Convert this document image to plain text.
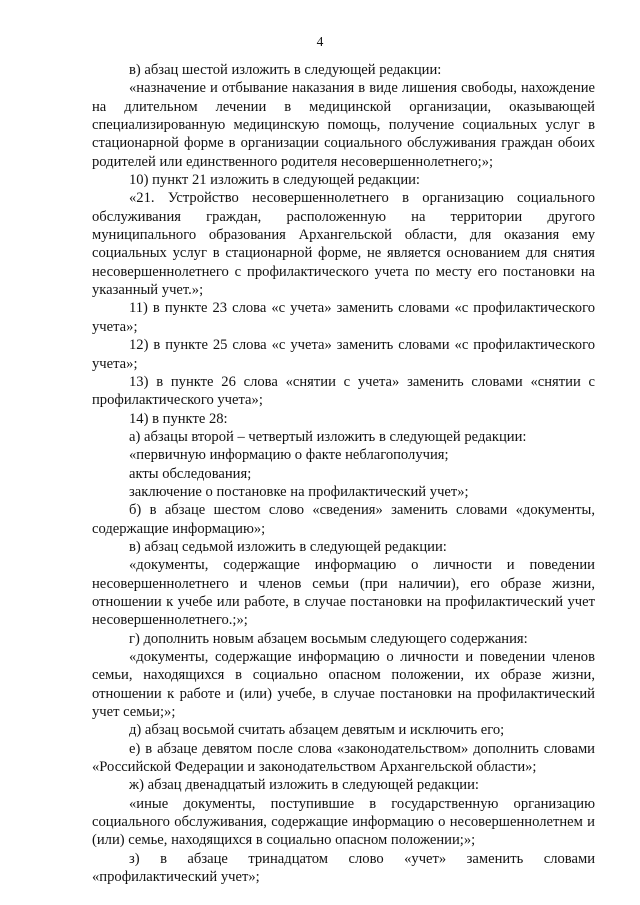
4

в) абзац шестой изложить в следующей редакции:

«назначение и отбывание наказания в виде лишения свободы, нахождение на длительном лечении в медицинской организации, оказывающей специализированную медицинскую помощь, получение социальных услуг в стационарной форме в организации социального обслуживания граждан обоих родителей или единственного родителя несовершеннолетнего;»;

10) пункт 21 изложить в следующей редакции:

«21. Устройство несовершеннолетнего в организацию социального обслуживания граждан, расположенную на территории другого муниципального образования Архангельской области, для оказания ему социальных услуг в стационарной форме, не является основанием для снятия несовершеннолетнего с профилактического учета по месту его постановки на указанный учет.»;

11) в пункте 23 слова «с учета» заменить словами «с профилактического учета»;

12) в пункте 25 слова «с учета» заменить словами «с профилактического учета»;

13) в пункте 26 слова «снятии с учета» заменить словами «снятии с профилактического учета»;

14) в пункте 28:

а) абзацы второй – четвертый изложить в следующей редакции:

«первичную информацию о факте неблагополучия;

акты обследования;

заключение о постановке на профилактический учет»;

б) в абзаце шестом слово «сведения» заменить словами «документы, содержащие информацию»;

в) абзац седьмой изложить в следующей редакции:

«документы, содержащие информацию о личности и поведении несовершеннолетнего и членов семьи (при наличии), его образе жизни, отношении к учебе или работе, в случае постановки на профилактический учет несовершеннолетнего.;»;

г) дополнить новым абзацем восьмым следующего содержания:

«документы, содержащие информацию о личности и поведении членов семьи, находящихся в социально опасном положении, их образе жизни, отношении к работе и (или) учебе, в случае постановки на профилактический учет семьи;»;

д) абзац восьмой считать абзацем девятым и исключить его;

е) в абзаце девятом после слова «законодательством» дополнить словами «Российской Федерации и законодательством Архангельской области»;

ж) абзац двенадцатый изложить в следующей редакции:

«иные документы, поступившие в государственную организацию социального обслуживания, содержащие информацию о несовершеннолетнем и (или) семье, находящихся в социально опасном положении;»;

з) в абзаце тринадцатом слово «учет» заменить словами «профилактический учет»;
